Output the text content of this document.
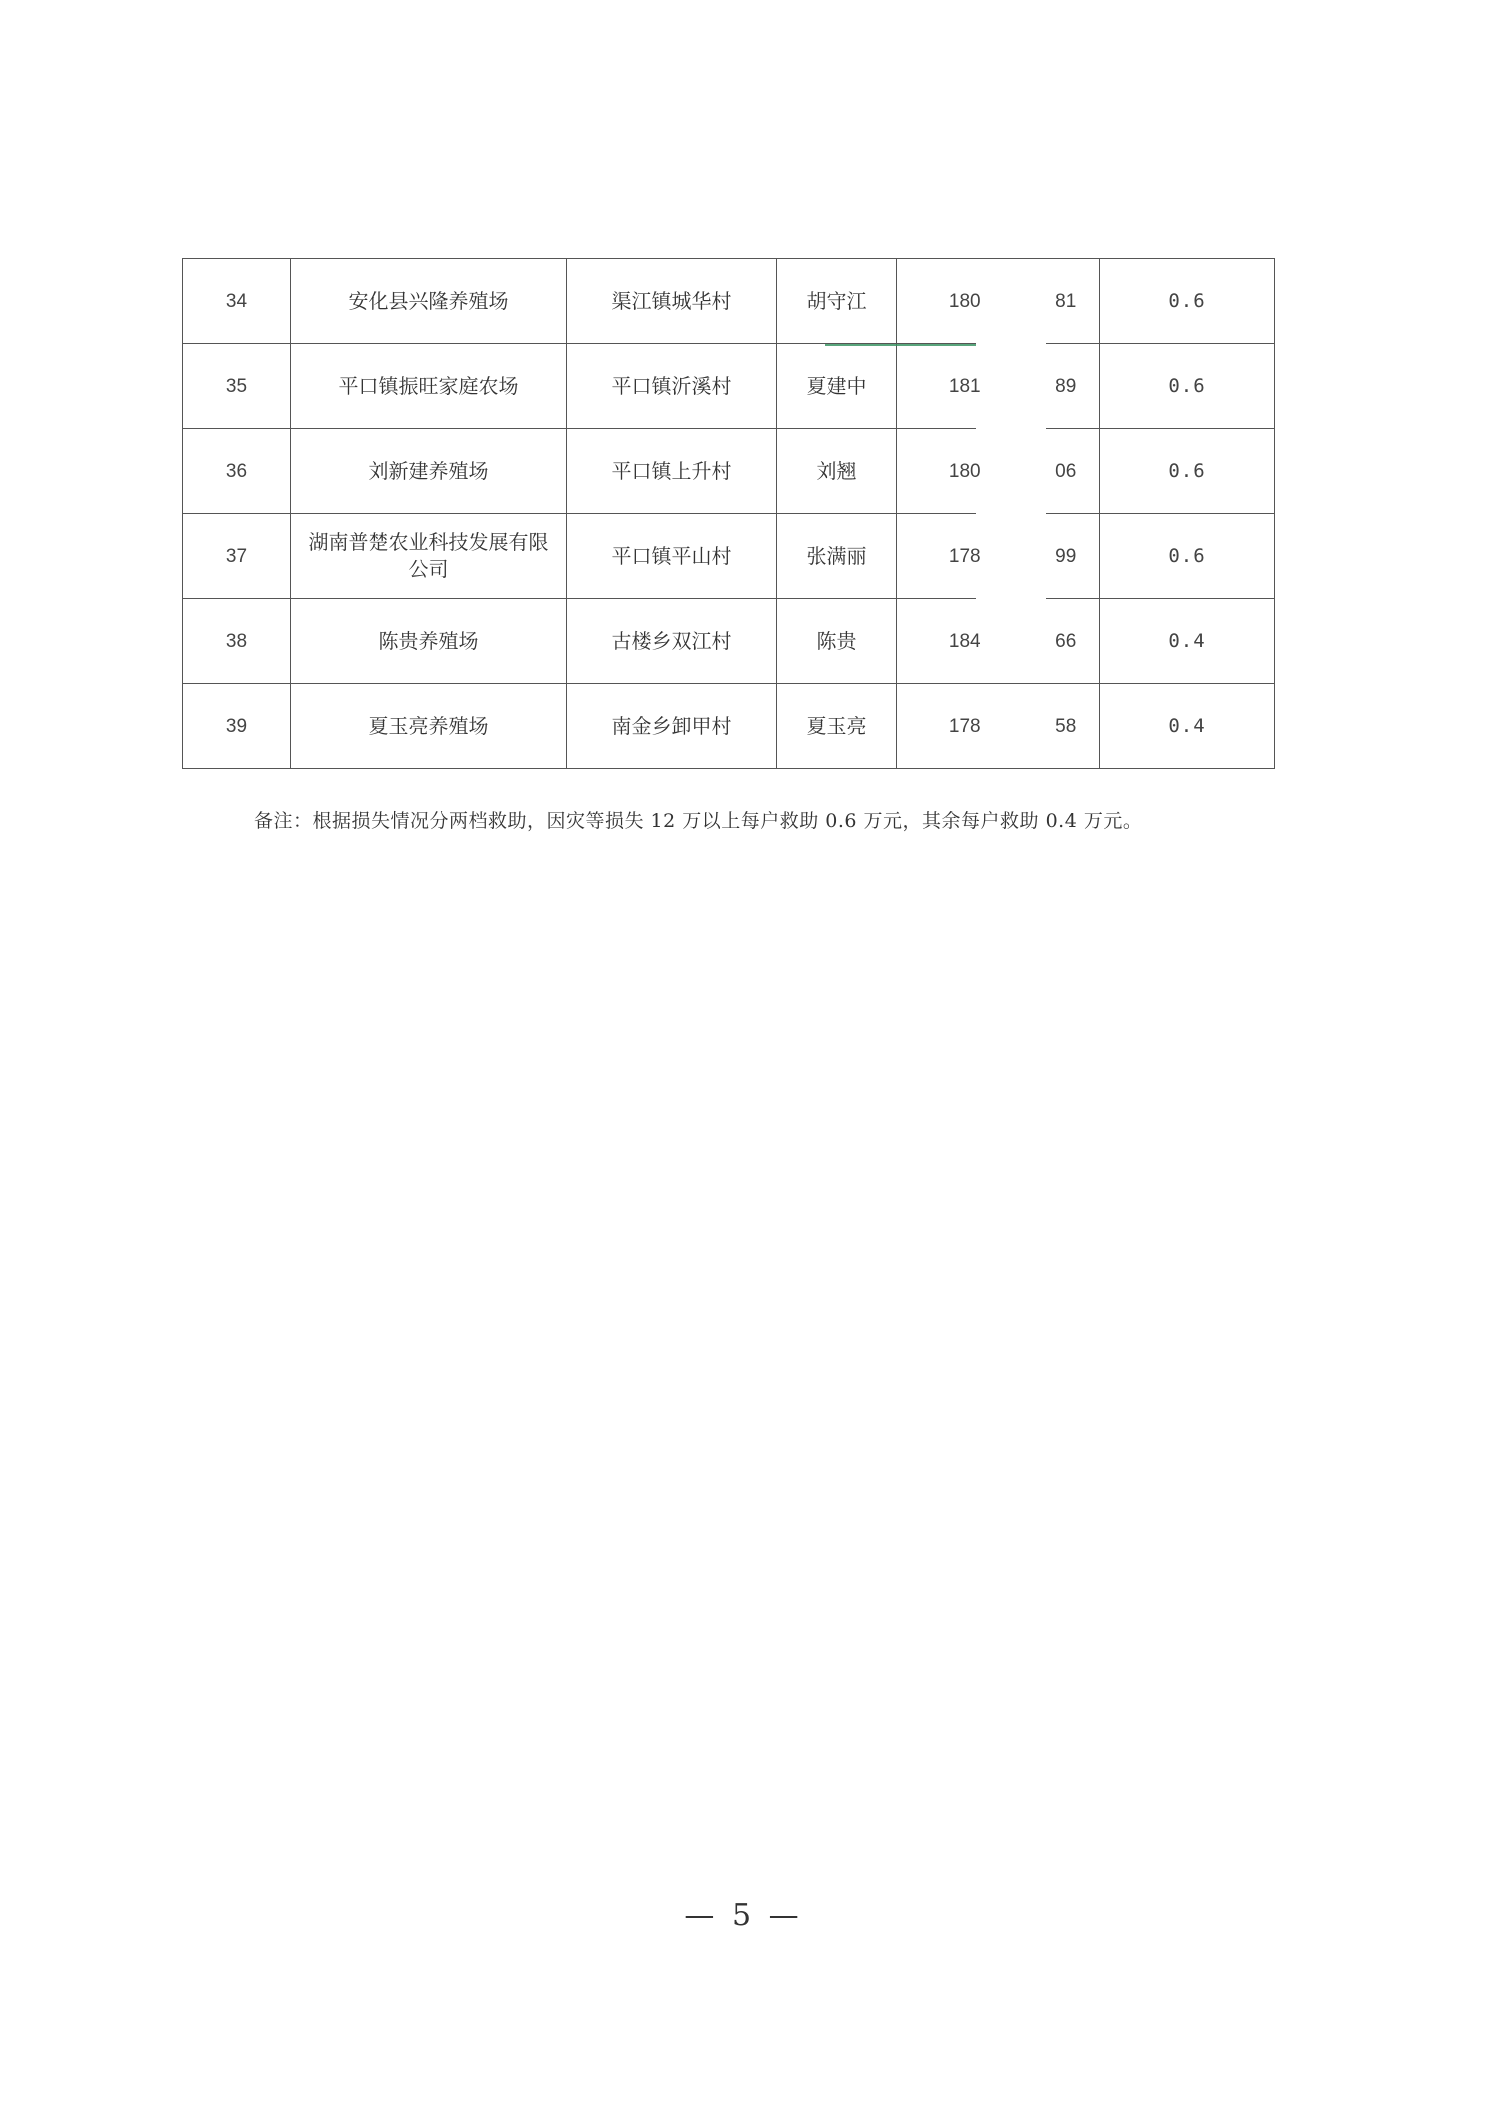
34	安化县兴隆养殖场	渠江镇城华村	胡守江	180	81	0.6
35	平口镇振旺家庭农场	平口镇沂溪村	夏建中	181	89	0.6
36	刘新建养殖场	平口镇上升村	刘翘	180	06	0.6
37	湖南普楚农业科技发展有限公司	平口镇平山村	张满丽	178	99	0.6
38	陈贵养殖场	古楼乡双江村	陈贵	184	66	0.4
39	夏玉亮养殖场	南金乡卸甲村	夏玉亮	178	58	0.4
备注：根据损失情况分两档救助，因灾等损失 12 万以上每户救助 0.6 万元，其余每户救助 0.4 万元。
— 5 —
